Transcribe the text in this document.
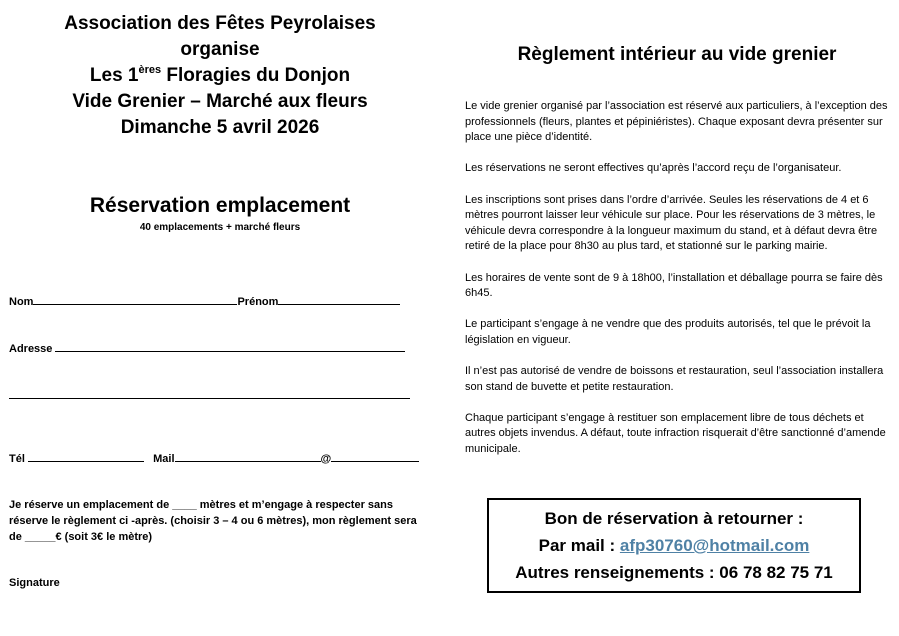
Association des Fêtes Peyrolaises
organise
Les 1ères Floragies du Donjon
Vide Grenier – Marché aux fleurs
Dimanche 5 avril 2026
Réservation emplacement
40 emplacements + marché fleurs
Nom	Prénom
Adresse
Tél	Mail	@
Je réserve un emplacement de ____ mètres et m’engage à respecter sans réserve le règlement ci -après. (choisir 3 – 4 ou 6 mètres), mon règlement sera de _____€ (soit 3€ le mètre)
Signature
Règlement intérieur au vide grenier

Le vide grenier organisé par l’association est réservé aux particuliers, à l’exception des professionnels (fleurs, plantes et pépiniéristes). Chaque exposant devra présenter sur place une pièce d’identité.

Les réservations ne seront effectives qu’après l’accord reçu de l’organisateur.

Les inscriptions sont prises dans l’ordre d’arrivée. Seules les réservations de 4 et 6 mètres pourront laisser leur véhicule sur place. Pour les réservations de 3 mètres, le véhicule devra correspondre à la longueur maximum du stand, et à défaut devra être retiré de la place pour 8h30 au plus tard, et stationné sur le parking mairie.

Les horaires de vente sont de 9 à 18h00, l’installation et déballage pourra se faire dès 6h45.

Le participant s’engage à ne vendre que des produits autorisés, tel que le prévoit la législation en vigueur.

Il n’est pas autorisé de vendre de boissons et restauration, seul l’association installera son stand de buvette et petite restauration.

Chaque participant s’engage à restituer son emplacement libre de tous déchets et autres objets invendus. A défaut, toute infraction risquerait d’être sanctionné d’amende municipale.

Bon de réservation à retourner :
Par mail : afp30760@hotmail.com
Autres renseignements : 06 78 82 75 71
